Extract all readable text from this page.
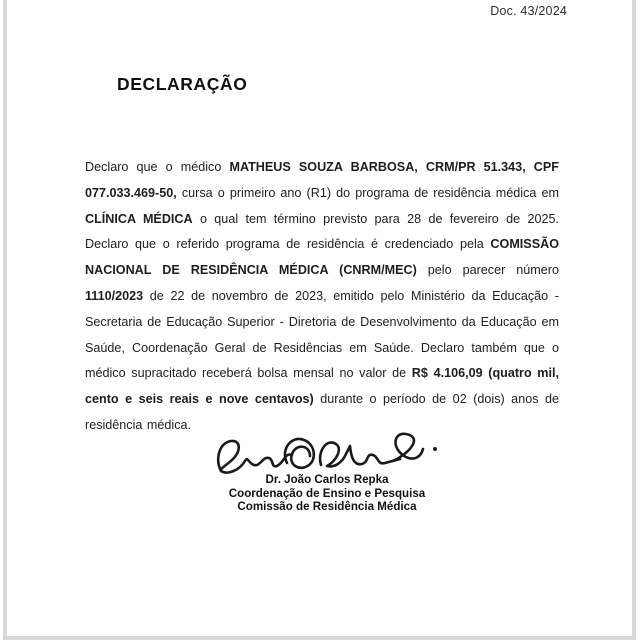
Doc. 43/2024
DECLARAÇÃO

Declaro que o médico MATHEUS SOUZA BARBOSA, CRM/PR 51.343, CPF 077.033.469-50, cursa o primeiro ano (R1) do programa de residência médica em CLÍNICA MÉDICA o qual tem término previsto para 28 de fevereiro de 2025. Declaro que o referido programa de residência é credenciado pela COMISSÃO NACIONAL DE RESIDÊNCIA MÉDICA (CNRM/MEC) pelo parecer número 1110/2023 de 22 de novembro de 2023, emitido pelo Ministério da Educação - Secretaria de Educação Superior - Diretoria de Desenvolvimento da Educação em Saúde, Coordenação Geral de Residências em Saúde. Declaro também que o médico supracitado receberá bolsa mensal no valor de R$ 4.106,09 (quatro mil, cento e seis reais e nove centavos) durante o período de 02 (dois) anos de residência médica.

Dr. João Carlos Repka
Coordenação de Ensino e Pesquisa
Comissão de Residência Médica
